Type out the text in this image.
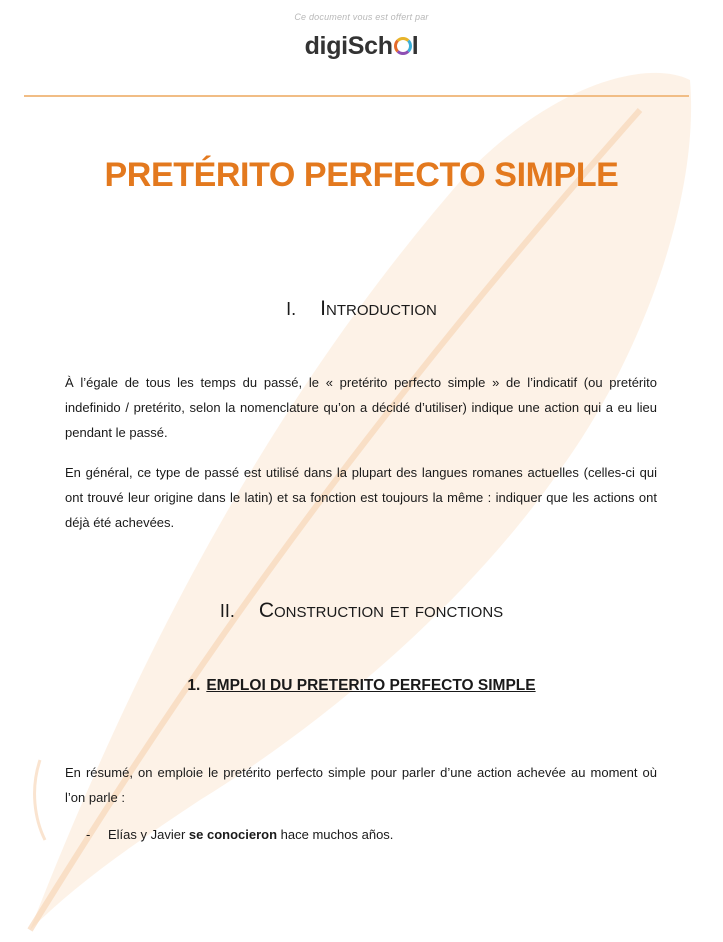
Ce document vous est offert par
digiSch l
PRETÉRITO PERFECTO SIMPLE
I. Introduction

À l’égale de tous les temps du passé, le « pretérito perfecto simple » de l’indicatif (ou pretérito indefinido / pretérito, selon la nomenclature qu’on a décidé d’utiliser) indique une action qui a eu lieu pendant le passé.

En général, ce type de passé est utilisé dans la plupart des langues romanes actuelles (celles-ci qui ont trouvé leur origine dans le latin) et sa fonction est toujours la même : indiquer que les actions ont déjà été achevées.

II. Construction et fonctions
1. EMPLOI DU PRETERITO PERFECTO SIMPLE

En résumé, on emploie le pretérito perfecto simple pour parler d’une action achevée au moment où l’on parle :

- Elías y Javier se conocieron hace muchos años.
